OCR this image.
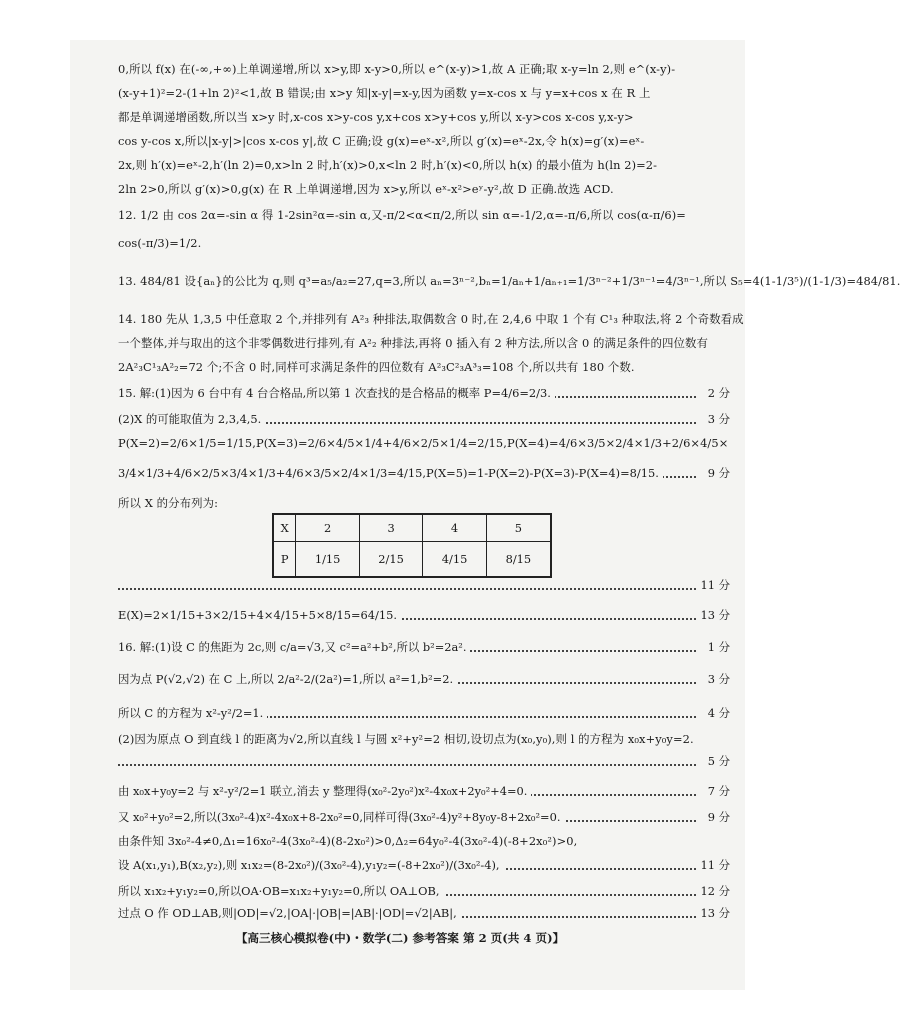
0,所以 f(x) 在(-∞,+∞)上单调递增,所以 x>y,即 x-y>0,所以 e^(x-y)>1,故 A 正确;取 x-y=ln 2,则 e^(x-y)-
(x-y+1)²=2-(1+ln 2)²<1,故 B 错误;由 x>y 知|x-y|=x-y,因为函数 y=x-cos x 与 y=x+cos x 在 R 上
都是单调递增函数,所以当 x>y 时,x-cos x>y-cos y,x+cos x>y+cos y,所以 x-y>cos x-cos y,x-y>
cos y-cos x,所以|x-y|>|cos x-cos y|,故 C 正确;设 g(x)=eˣ-x²,所以 g′(x)=eˣ-2x,令 h(x)=g′(x)=eˣ-
2x,则 h′(x)=eˣ-2,h′(ln 2)=0,x>ln 2 时,h′(x)>0,x<ln 2 时,h′(x)<0,所以 h(x) 的最小值为 h(ln 2)=2-
2ln 2>0,所以 g′(x)>0,g(x) 在 R 上单调递增,因为 x>y,所以 eˣ-x²>eʸ-y²,故 D 正确.故选 ACD.
12. 1/2 由 cos 2α=-sin α 得 1-2sin²α=-sin α,又-π/2<α<π/2,所以 sin α=-1/2,α=-π/6,所以 cos(α-π/6)=
cos(-π/3)=1/2.
13. 484/81 设{aₙ}的公比为 q,则 q³=a₅/a₂=27,q=3,所以 aₙ=3ⁿ⁻²,bₙ=1/aₙ+1/aₙ₊₁=1/3ⁿ⁻²+1/3ⁿ⁻¹=4/3ⁿ⁻¹,所以 S₅=4(1-1/3⁵)/(1-1/3)=484/81.
14. 180 先从 1,3,5 中任意取 2 个,并排列有 A²₃ 种排法,取偶数含 0 时,在 2,4,6 中取 1 个有 C¹₃ 种取法,将 2 个奇数看成
一个整体,并与取出的这个非零偶数进行排列,有 A²₂ 种排法,再将 0 插入有 2 种方法,所以含 0 的满足条件的四位数有
2A²₃C¹₃A²₂=72 个;不含 0 时,同样可求满足条件的四位数有 A²₃C²₃A³₃=108 个,所以共有 180 个数.
15. 解:(1)因为 6 台中有 4 台合格品,所以第 1 次查找的是合格品的概率 P=4/6=2/3.	2 分
(2)X 的可能取值为 2,3,4,5.	3 分
P(X=2)=2/6×1/5=1/15,P(X=3)=2/6×4/5×1/4+4/6×2/5×1/4=2/15,P(X=4)=4/6×3/5×2/4×1/3+2/6×4/5×
3/4×1/3+4/6×2/5×3/4×1/3+4/6×3/5×2/4×1/3=4/15,P(X=5)=1-P(X=2)-P(X=3)-P(X=4)=8/15.	9 分
所以 X 的分布列为:
X	2	3	4	5
P	1/15	2/15	4/15	8/15
11 分
E(X)=2×1/15+3×2/15+4×4/15+5×8/15=64/15.	13 分
16. 解:(1)设 C 的焦距为 2c,则 c/a=√3,又 c²=a²+b²,所以 b²=2a².	1 分
因为点 P(√2,√2) 在 C 上,所以 2/a²-2/(2a²)=1,所以 a²=1,b²=2.	3 分
所以 C 的方程为 x²-y²/2=1.	4 分
(2)因为原点 O 到直线 l 的距离为√2,所以直线 l 与圆 x²+y²=2 相切,设切点为(x₀,y₀),则 l 的方程为 x₀x+y₀y=2.
5 分
由 x₀x+y₀y=2 与 x²-y²/2=1 联立,消去 y 整理得(x₀²-2y₀²)x²-4x₀x+2y₀²+4=0.	7 分
又 x₀²+y₀²=2,所以(3x₀²-4)x²-4x₀x+8-2x₀²=0,同样可得(3x₀²-4)y²+8y₀y-8+2x₀²=0.	9 分
由条件知 3x₀²-4≠0,Δ₁=16x₀²-4(3x₀²-4)(8-2x₀²)>0,Δ₂=64y₀²-4(3x₀²-4)(-8+2x₀²)>0,
设 A(x₁,y₁),B(x₂,y₂),则 x₁x₂=(8-2x₀²)/(3x₀²-4),y₁y₂=(-8+2x₀²)/(3x₀²-4),	11 分
所以 x₁x₂+y₁y₂=0,所以OA·OB=x₁x₂+y₁y₂=0,所以 OA⊥OB,	12 分
过点 O 作 OD⊥AB,则|OD|=√2,|OA|·|OB|=|AB|·|OD|=√2|AB|,	13 分
【高三核心模拟卷(中)・数学(二) 参考答案 第 2 页(共 4 页)】
